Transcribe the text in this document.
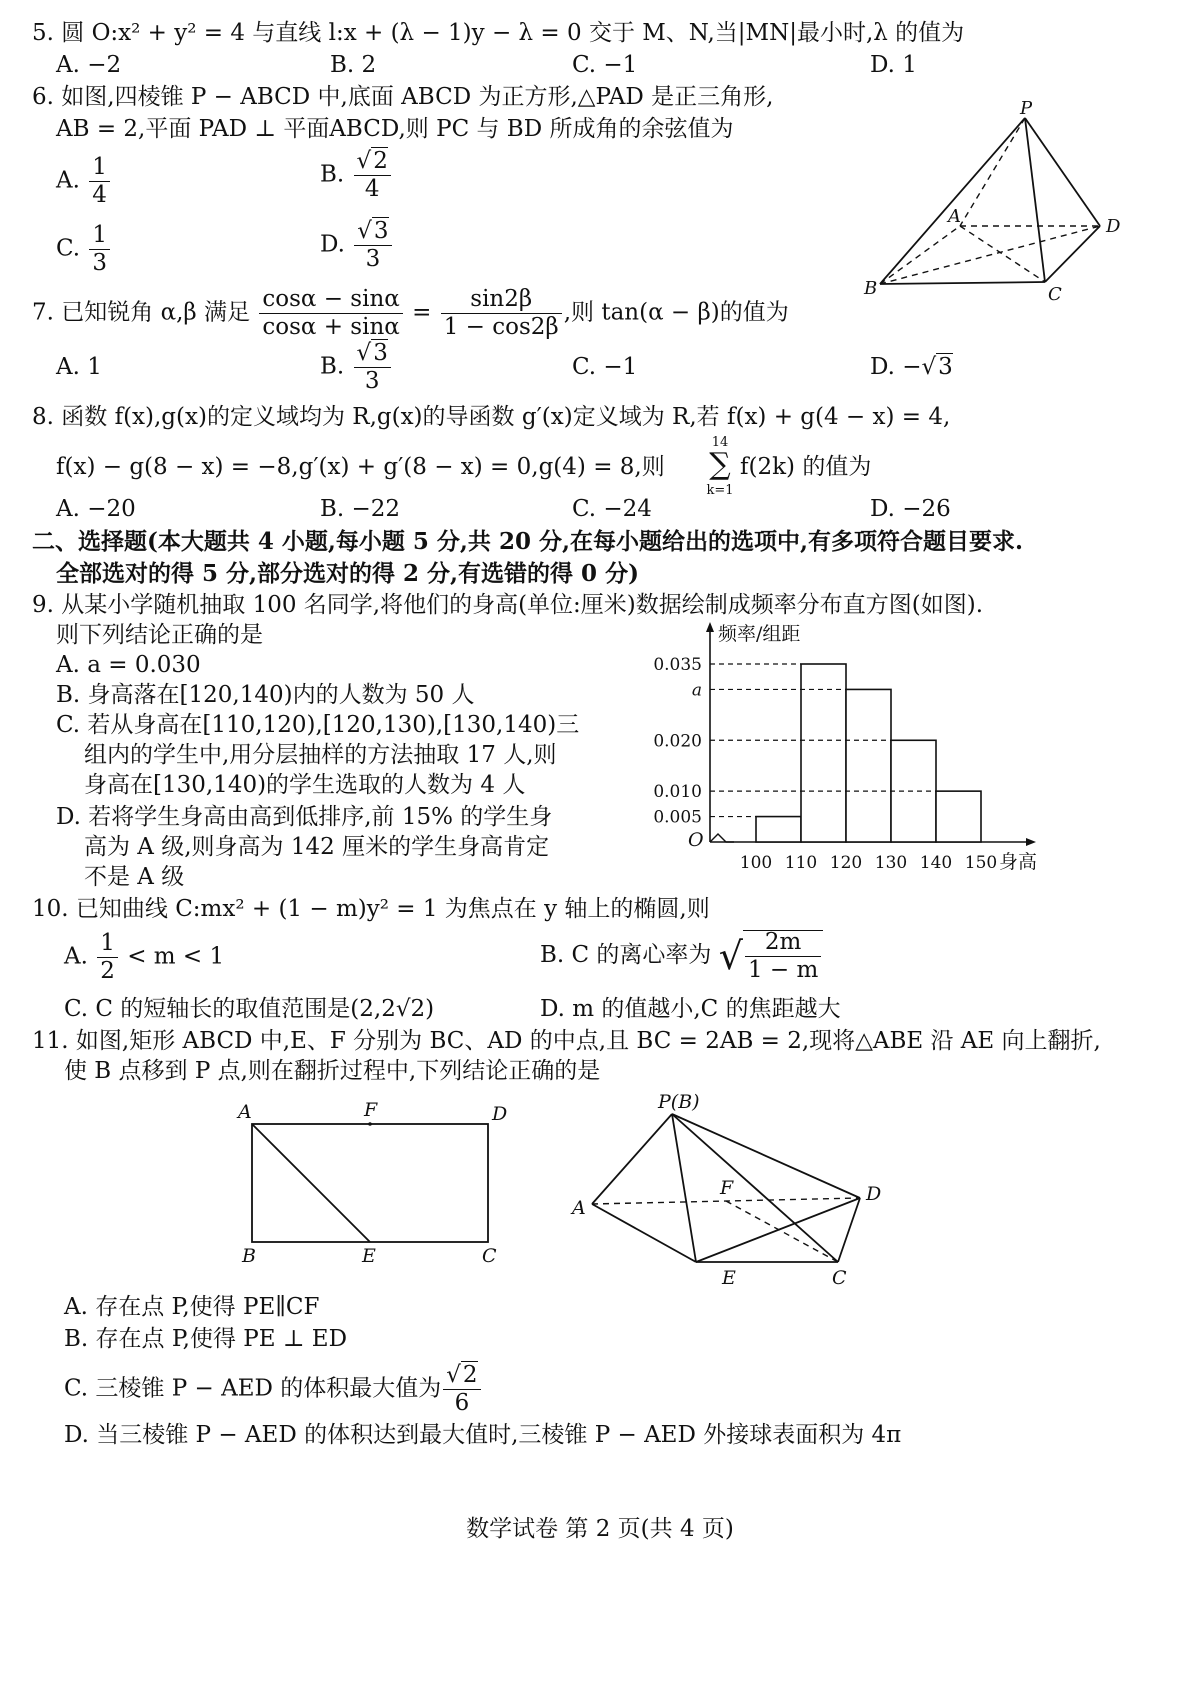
5. 圆 O:x² + y² = 4 与直线 l:x + (λ − 1)y − λ = 0 交于 M、N,当|MN|最小时,λ 的值为
A. −2	B. 2	C. −1	D. 1
6. 如图,四棱锥 P − ABCD 中,底面 ABCD 为正方形,△PAD 是正三角形,
AB = 2,平面 PAD ⊥ 平面ABCD,则 PC 与 BD 所成角的余弦值为
A. $\frac{1}{4}$	B. $\frac{√2}{4}$
C. $\frac{1}{3}$	D. $\frac{√3}{3}$
P
A	D
B	C
7. 已知锐角 α,β 满足 $\frac{\cos\alpha - \sin\alpha}{\cos\alpha + \sin\alpha} = \frac{\sin 2\beta}{1 - \cos 2\beta}$ ,则 tan(α − β)的值为
A. 1	B. $\frac{√3}{3}$	C. −1	D. −√3
8. 函数 f(x),g(x)的定义域均为 R,g(x)的导函数 g′(x)定义域为 R,若 f(x) + g(4 − x) = 4,
f(x) − g(8 − x) = −8,g′(x) + g′(8 − x) = 0,g(4) = 8,则
14
∑
k=1
f(2k) 的值为
A. −20	B. −22	C. −24	D. −26
二、选择题(本大题共 4 小题,每小题 5 分,共 20 分,在每小题给出的选项中,有多项符合题目要求.
全部选对的得 5 分,部分选对的得 2 分,有选错的得 0 分)
9. 从某小学随机抽取 100 名同学,将他们的身高(单位:厘米)数据绘制成频率分布直方图(如图).
则下列结论正确的是
A. a = 0.030
B. 身高落在[120,140)内的人数为 50 人
C. 若从身高在[110,120),[120,130),[130,140)三
组内的学生中,用分层抽样的方法抽取 17 人,则
身高在[130,140)的学生选取的人数为 4 人
D. 若将学生身高由高到低排序,前 15% 的学生身
高为 A 级,则身高为 142 厘米的学生身高肯定
不是 A 级
频率/组距
O
0.035
a
0.020
0.010
0.005
100 110 120 130 140 150 身高
10. 已知曲线 C:mx² + (1 − m)y² = 1 为焦点在 y 轴上的椭圆,则
A. $\frac{1}{2} < m < 1$	B. C 的离心率为 √ $\frac{2m}{1 - m}$
C. C 的短轴长的取值范围是(2,2√2)	D. m 的值越小,C 的焦距越大
11. 如图,矩形 ABCD 中,E、F 分别为 BC、AD 的中点,且 BC = 2AB = 2,现将△ABE 沿 AE 向上翻折,
使 B 点移到 P 点,则在翻折过程中,下列结论正确的是
A	F	D
B	E	C
P(B)
A
F	D
E	C
A. 存在点 P,使得 PE∥CF
B. 存在点 P,使得 PE ⊥ ED
C. 三棱锥 P − AED 的体积最大值为 $\frac{√2}{6}$
D. 当三棱锥 P − AED 的体积达到最大值时,三棱锥 P − AED 外接球表面积为 4π
数学试卷 第 2 页(共 4 页)
